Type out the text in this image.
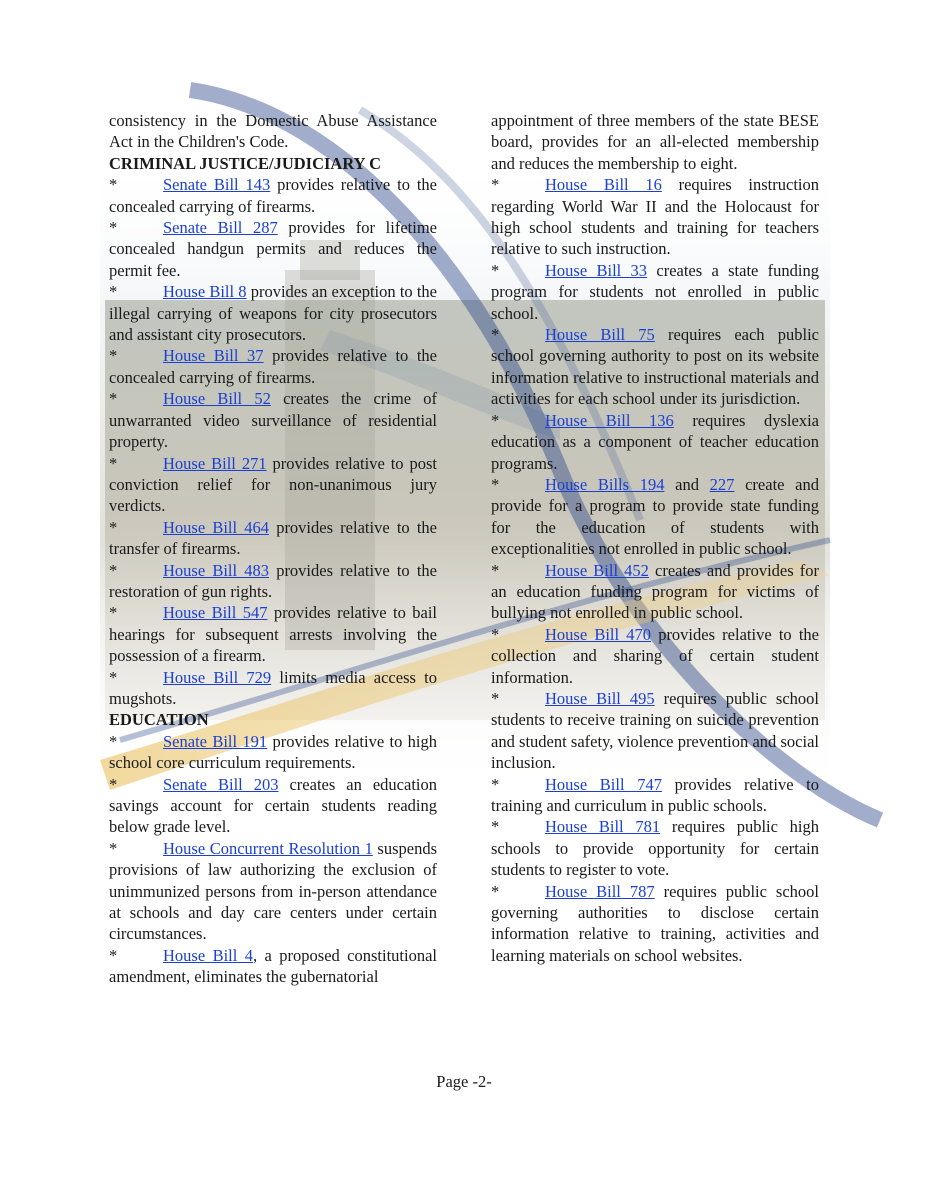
consistency in the Domestic Abuse Assistance Act in the Children's Code.

CRIMINAL JUSTICE/JUDICIARY C

*	Senate Bill 143 provides relative to the concealed carrying of firearms.

*	Senate Bill 287 provides for lifetime concealed handgun permits and reduces the permit fee.

*	House Bill 8 provides an exception to the illegal carrying of weapons for city prosecutors and assistant city prosecutors.

*	House Bill 37 provides relative to the concealed carrying of firearms.

*	House Bill 52 creates the crime of unwarranted video surveillance of residential property.

*	House Bill 271 provides relative to post conviction relief for non-unanimous jury verdicts.

*	House Bill 464 provides relative to the transfer of firearms.

*	House Bill 483 provides relative to the restoration of gun rights.

*	House Bill 547 provides relative to bail hearings for subsequent arrests involving the possession of a firearm.

*	House Bill 729 limits media access to mugshots.

EDUCATION

*	Senate Bill 191 provides relative to high school core curriculum requirements.

*	Senate Bill 203 creates an education savings account for certain students reading below grade level.

*	House Concurrent Resolution 1 suspends provisions of law authorizing the exclusion of unimmunized persons from in-person attendance at schools and day care centers under certain circumstances.

*	House Bill 4, a proposed constitutional amendment, eliminates the gubernatorial

appointment of three members of the state BESE board, provides for an all-elected membership and reduces the membership to eight.

*	House Bill 16 requires instruction regarding World War II and the Holocaust for high school students and training for teachers relative to such instruction.

*	House Bill 33 creates a state funding program for students not enrolled in public school.

*	House Bill 75 requires each public school governing authority to post on its website information relative to instructional materials and activities for each school under its jurisdiction.

*	House Bill 136 requires dyslexia education as a component of teacher education programs.

*	House Bills 194 and 227 create and provide for a program to provide state funding for the education of students with exceptionalities not enrolled in public school.

*	House Bill 452 creates and provides for an education funding program for victims of bullying not enrolled in public school.

*	House Bill 470 provides relative to the collection and sharing of certain student information.

*	House Bill 495 requires public school students to receive training on suicide prevention and student safety, violence prevention and social inclusion.

*	House Bill 747 provides relative to training and curriculum in public schools.

*	House Bill 781 requires public high schools to provide opportunity for certain students to register to vote.

*	House Bill 787 requires public school governing authorities to disclose certain information relative to training, activities and learning materials on school websites.

Page -2-
